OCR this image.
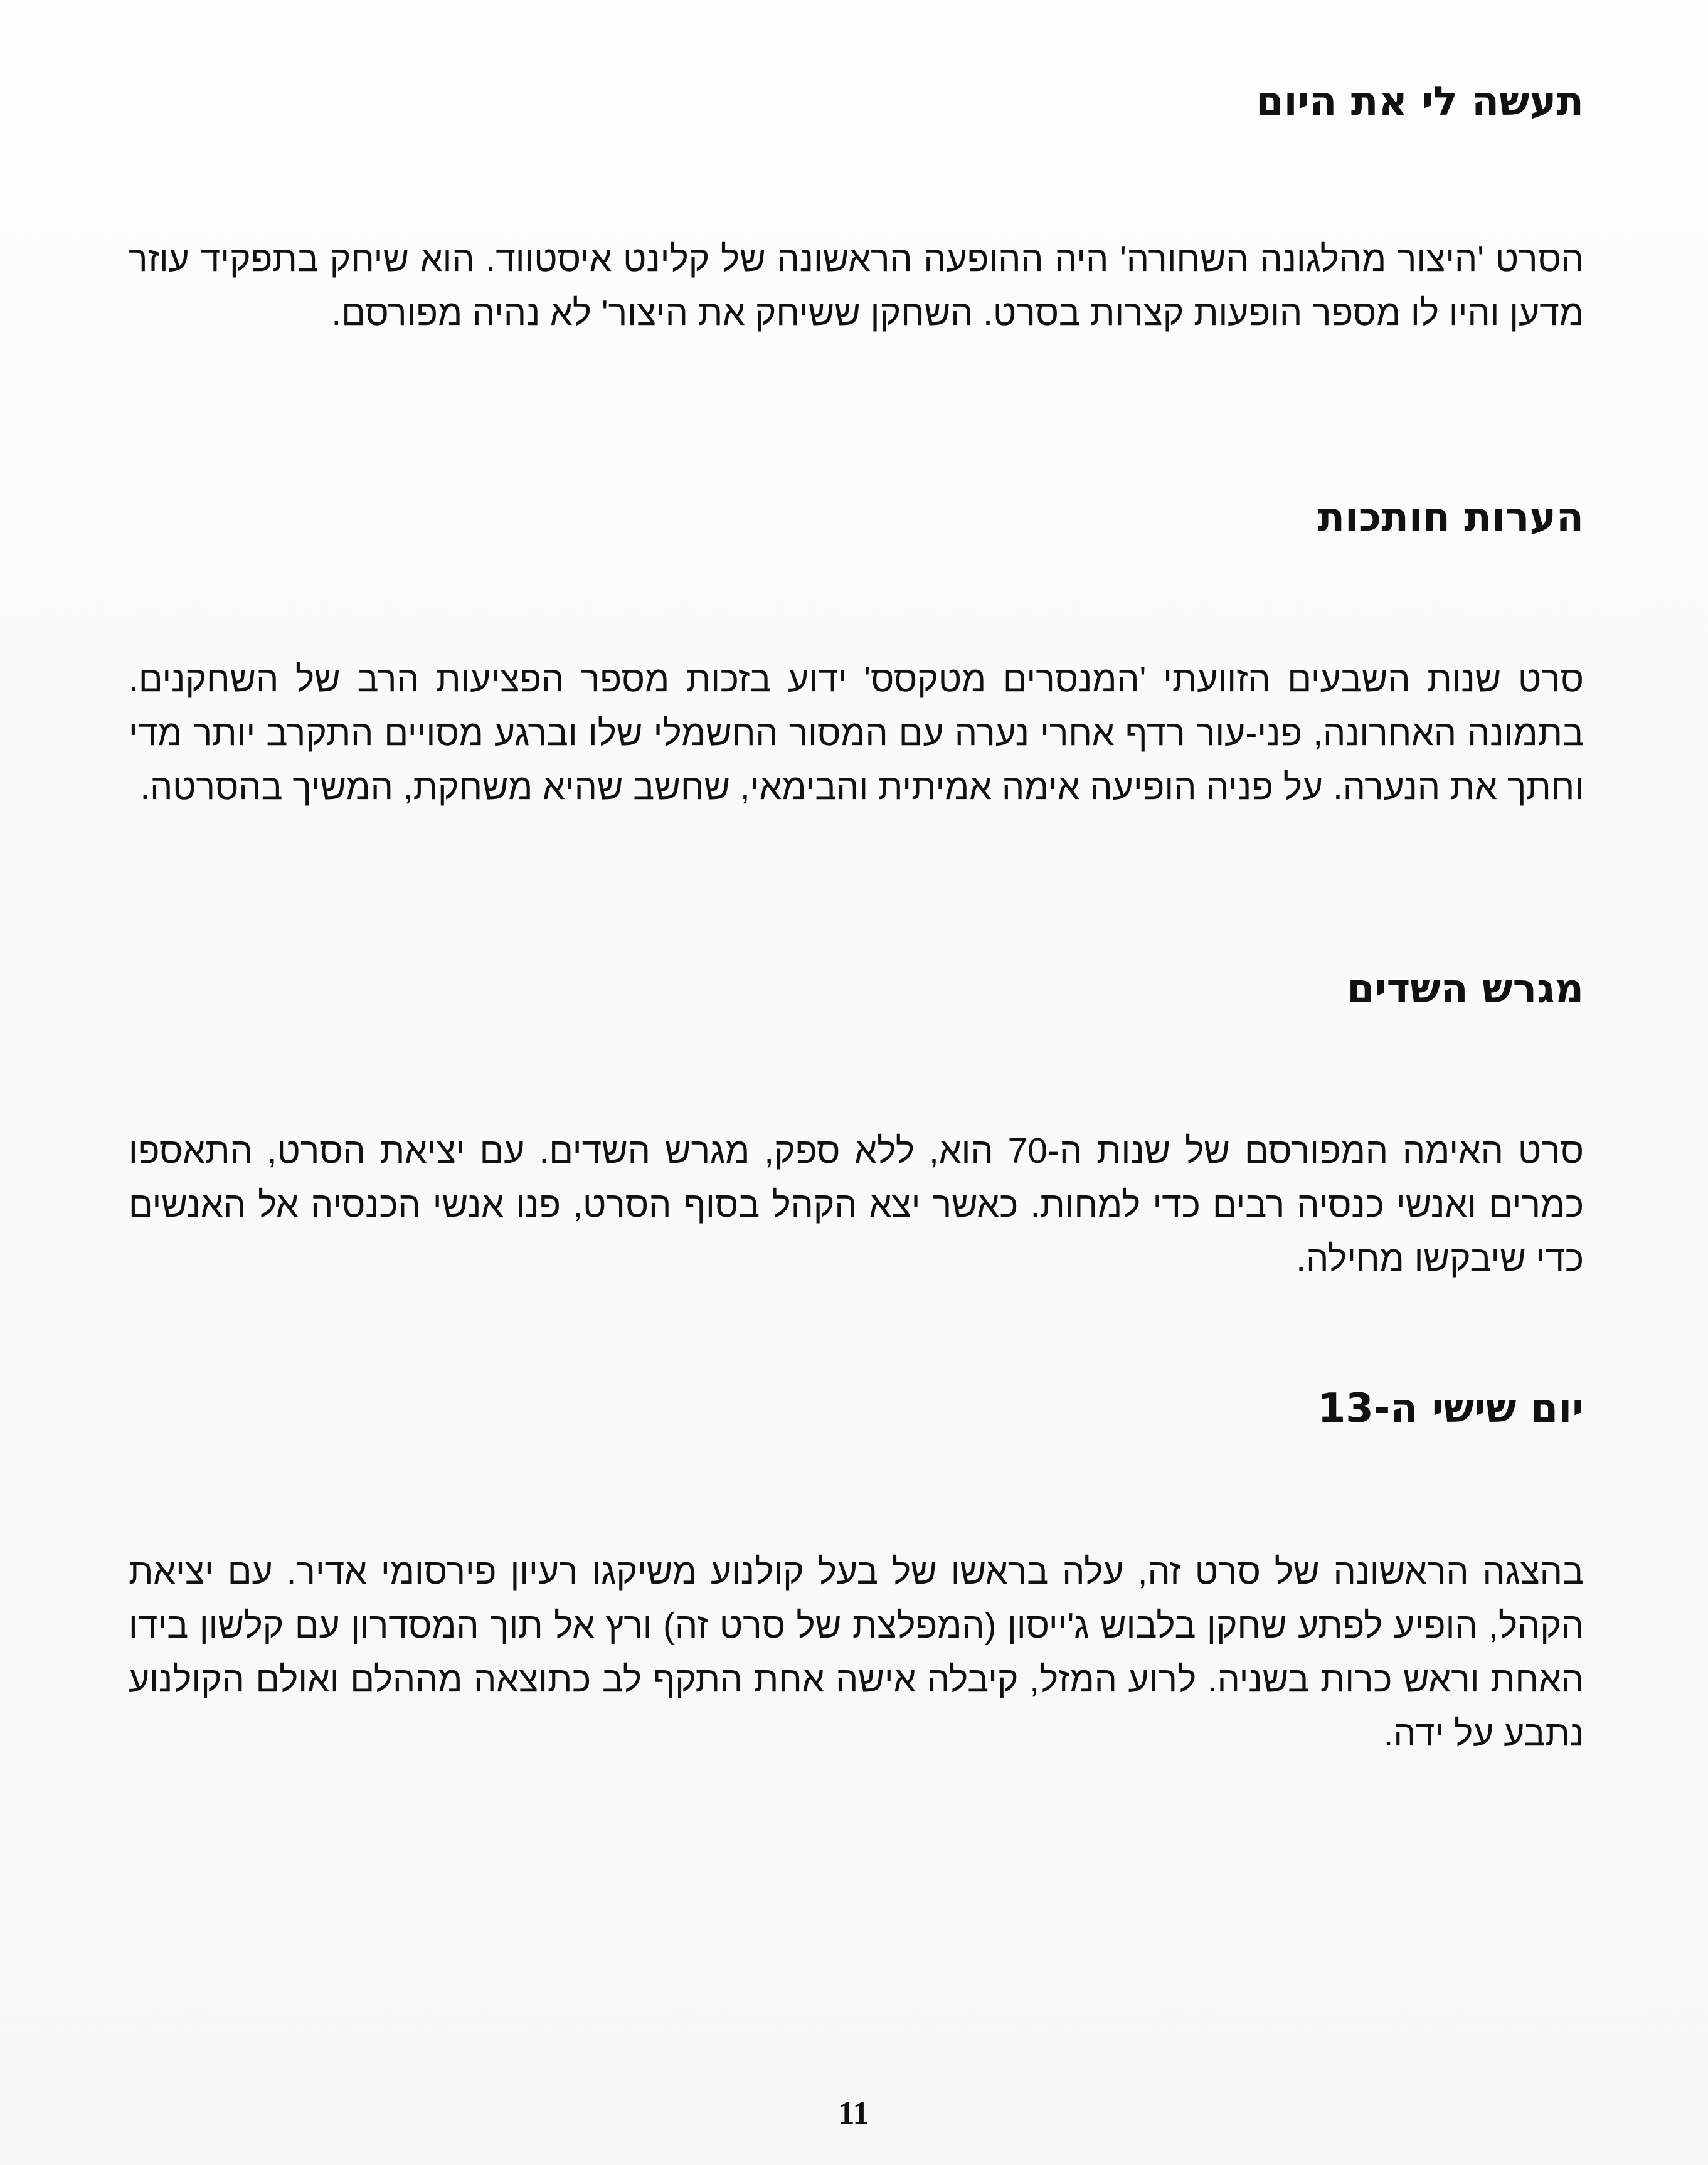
תעשה לי את היום

הסרט 'היצור מהלגונה השחורה' היה ההופעה הראשונה של קלינט איסטווד. הוא שיחק בתפקיד עוזר מדען והיו לו מספר הופעות קצרות בסרט. השחקן ששיחק את היצור' לא נהיה מפורסם.

הערות חותכות

סרט שנות השבעים הזוועתי 'המנסרים מטקסס' ידוע בזכות מספר הפציעות הרב של השחקנים. בתמונה האחרונה, פני-עור רדף אחרי נערה עם המסור החשמלי שלו וברגע מסויים התקרב יותר מדי וחתך את הנערה. על פניה הופיעה אימה אמיתית והבימאי, שחשב שהיא משחקת, המשיך בהסרטה.

מגרש השדים

סרט האימה המפורסם של שנות ה-70 הוא, ללא ספק, מגרש השדים. עם יציאת הסרט, התאספו כמרים ואנשי כנסיה רבים כדי למחות. כאשר יצא הקהל בסוף הסרט, פנו אנשי הכנסיה אל האנשים כדי שיבקשו מחילה.

יום שישי ה-13

בהצגה הראשונה של סרט זה, עלה בראשו של בעל קולנוע משיקגו רעיון פירסומי אדיר. עם יציאת הקהל, הופיע לפתע שחקן בלבוש ג'ייסון (המפלצת של סרט זה) ורץ אל תוך המסדרון עם קלשון בידו האחת וראש כרות בשניה. לרוע המזל, קיבלה אישה אחת התקף לב כתוצאה מההלם ואולם הקולנוע נתבע על ידה.

11
